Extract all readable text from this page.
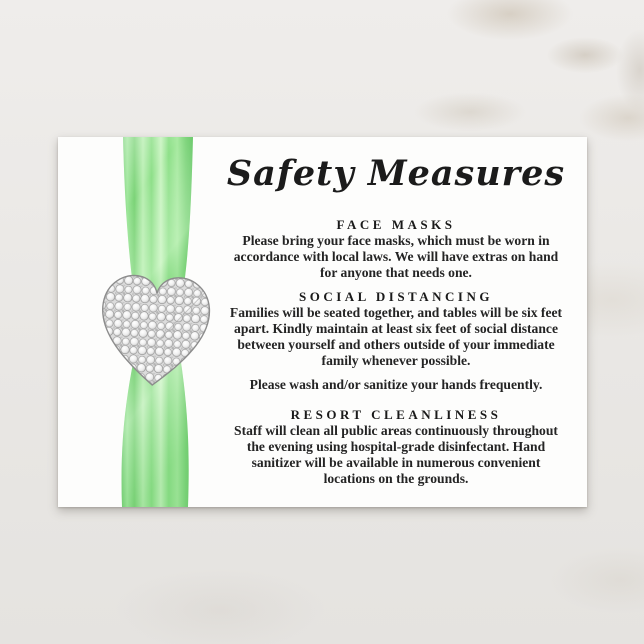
Safety Measures
FACE MASKS

Please bring your face masks, which must be worn in accordance with local laws. We will have extras on hand for anyone that needs one.

SOCIAL DISTANCING

Families will be seated together, and tables will be six feet apart. Kindly maintain at least six feet of social distance between yourself and others outside of your immediate family whenever possible.

Please wash and/or sanitize your hands frequently.

RESORT CLEANLINESS

Staff will clean all public areas continuously throughout the evening using hospital-grade disinfectant. Hand sanitizer will be available in numerous convenient locations on the grounds.
